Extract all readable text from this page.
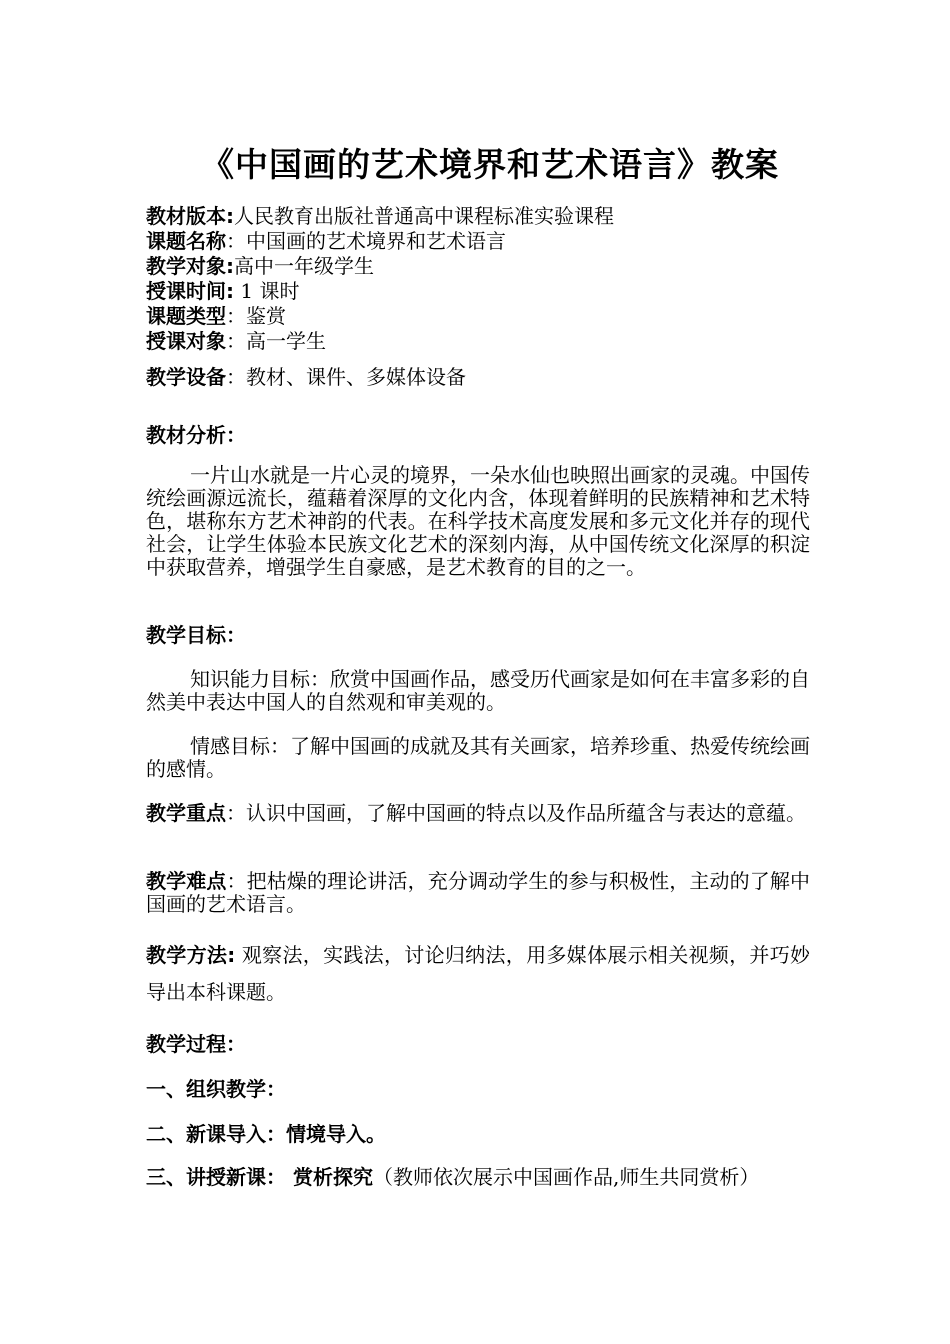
《中国画的艺术境界和艺术语言》教案
教材版本:人民教育出版社普通高中课程标准实验课程
课题名称：中国画的艺术境界和艺术语言
教学对象:高中一年级学生
授课时间: 1 课时
课题类型：鉴赏
授课对象：高一学生
教学设备：教材、课件、多媒体设备
教材分析：
一片山水就是一片心灵的境界，一朵水仙也映照出画家的灵魂。中国传统绘画源远流长，蕴藉着深厚的文化内含，体现着鲜明的民族精神和艺术特色，堪称东方艺术神韵的代表。在科学技术高度发展和多元文化并存的现代社会，让学生体验本民族文化艺术的深刻内海，从中国传统文化深厚的积淀中获取营养，增强学生自豪感，是艺术教育的目的之一。
教学目标：
知识能力目标：欣赏中国画作品，感受历代画家是如何在丰富多彩的自然美中表达中国人的自然观和审美观的。
情感目标：了解中国画的成就及其有关画家，培养珍重、热爱传统绘画的感情。
教学重点：认识中国画，了解中国画的特点以及作品所蕴含与表达的意蕴。
教学难点：把枯燥的理论讲活，充分调动学生的参与积极性，主动的了解中国画的艺术语言。
教学方法: 观察法，实践法，讨论归纳法，用多媒体展示相关视频，并巧妙导出本科课题。
教学过程：
一、组织教学：
二、新课导入：情境导入。
三、讲授新课： 赏析探究（教师依次展示中国画作品,师生共同赏析）
